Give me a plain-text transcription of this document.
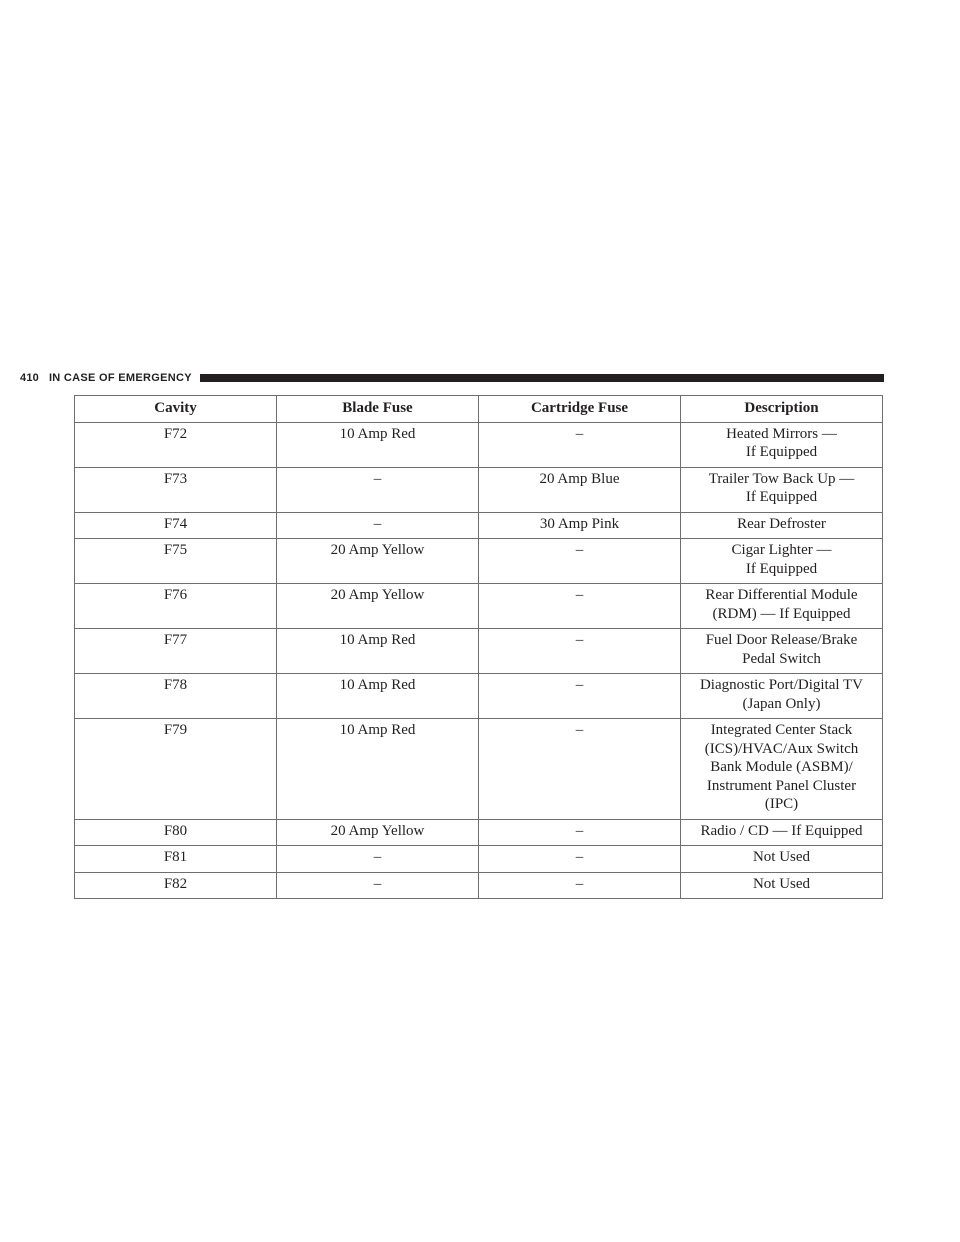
410 IN CASE OF EMERGENCY
Cavity	Blade Fuse	Cartridge Fuse	Description
F72	10 Amp Red	–	Heated Mirrors —
If Equipped

F73	–	20 Amp Blue	Trailer Tow Back Up —
If Equipped

F74	–	30 Amp Pink	Rear Defroster

F75	20 Amp Yellow	–	Cigar Lighter —
If Equipped

F76	20 Amp Yellow	–	Rear Differential Module
(RDM) — If Equipped

F77	10 Amp Red	–	Fuel Door Release/Brake
Pedal Switch

F78	10 Amp Red	–	Diagnostic Port/Digital TV
(Japan Only)

F79	10 Amp Red	–	Integrated Center Stack
(ICS)/HVAC/Aux Switch
Bank Module (ASBM)/
Instrument Panel Cluster
(IPC)

F80	20 Amp Yellow	–	Radio / CD — If Equipped

F81	–	–	Not Used

F82	–	–	Not Used
